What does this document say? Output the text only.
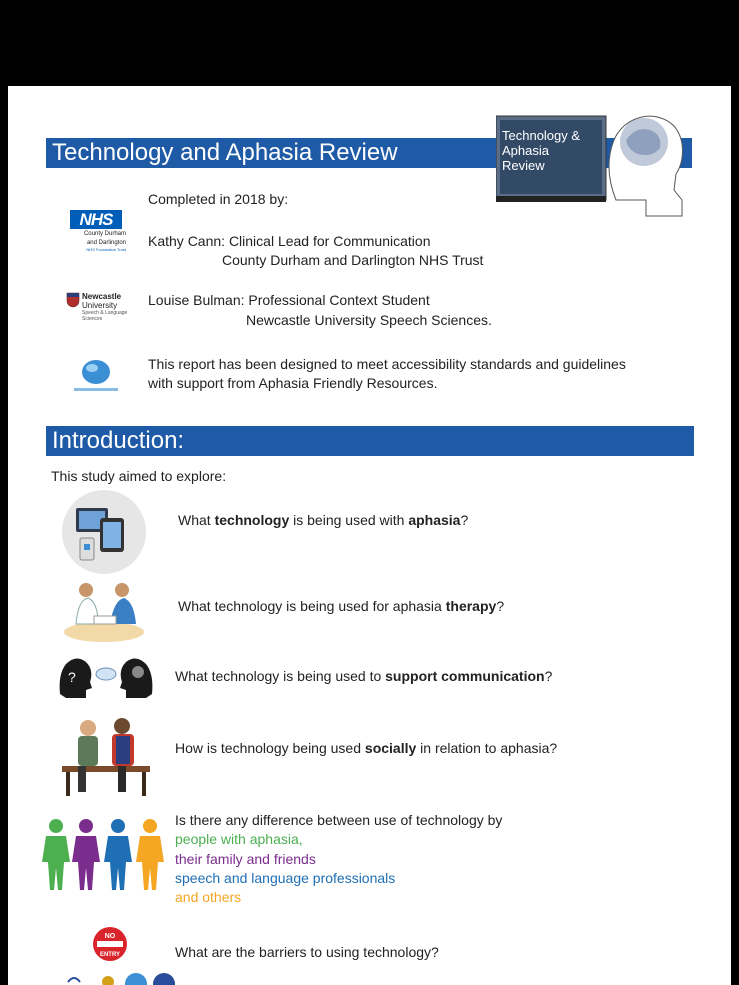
Technology and Aphasia Review
Technology &
Aphasia
Review
Completed in 2018 by:
NHS
County Durham
and Darlington
NHS Foundation Trust
Kathy Cann: Clinical Lead for Communication
County Durham and Darlington NHS Trust
Newcastle
University
Speech & Language
Sciences
Louise Bulman: Professional Context Student
Newcastle University Speech Sciences.
This report has been designed to meet accessibility standards and guidelines
with support from Aphasia Friendly Resources.
Introduction:
This study aimed to explore:
What technology is being used with aphasia?
What technology is being used for aphasia therapy?
?	What technology is being used to support communication?
How is technology being used socially in relation to aphasia?
Is there any difference between use of technology by
people with aphasia,
their family and friends
speech and language professionals
and others
NO
ENTRY	What are the barriers to using technology?
